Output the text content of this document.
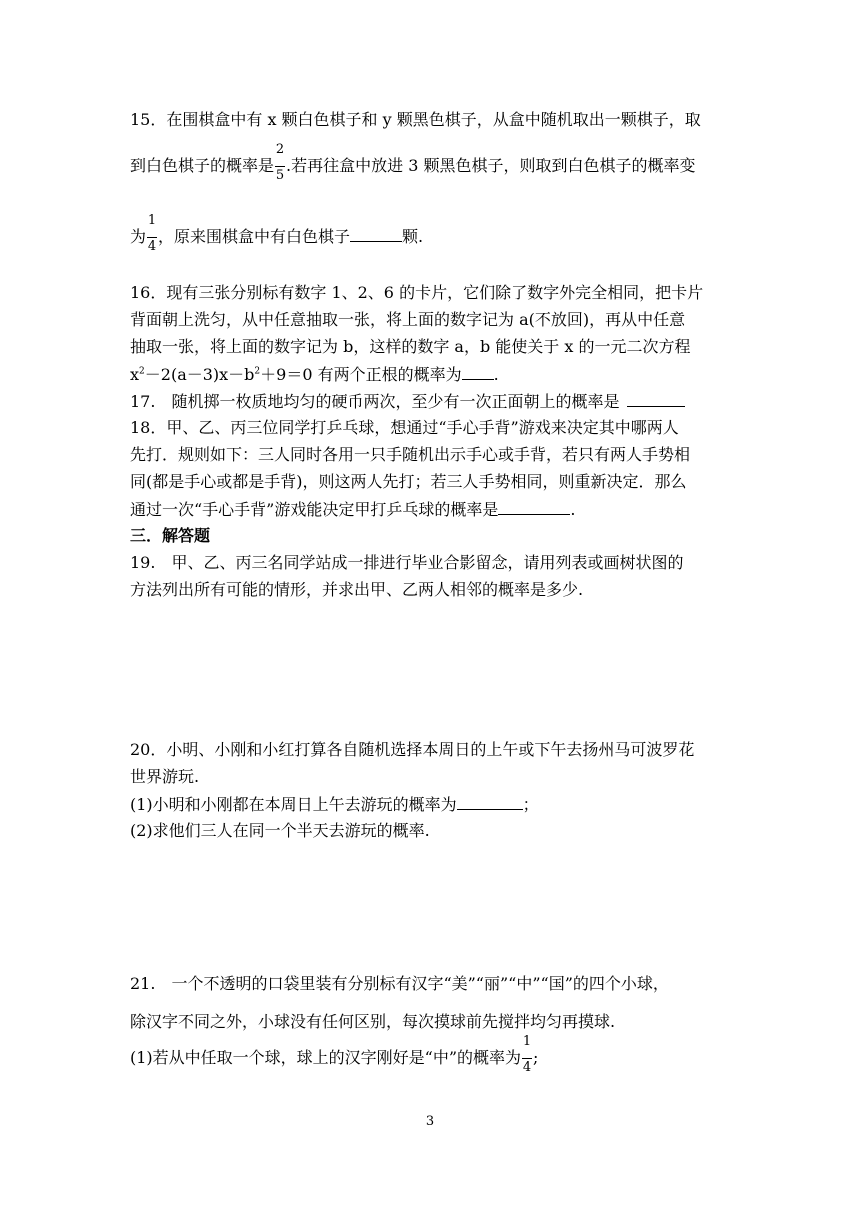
15．在围棋盒中有 x 颗白色棋子和 y 颗黑色棋子，从盒中随机取出一颗棋子，取
到白色棋子的概率是 $\frac{2}{5}$ .若再往盒中放进 3 颗黑色棋子，则取到白色棋子的概率变
为 $\frac{1}{4}$ ，原来围棋盒中有白色棋子	颗.
16．现有三张分别标有数字 1、2、6 的卡片，它们除了数字外完全相同，把卡片
背面朝上洗匀，从中任意抽取一张，将上面的数字记为 a(不放回)，再从中任意
抽取一张，将上面的数字记为 b，这样的数字 a，b 能使关于 x 的一元二次方程
$x^2-2(a-3)x-b^2+9=0$ 有两个正根的概率为 .
17.　随机掷一枚质地均匀的硬币两次，至少有一次正面朝上的概率是
18．甲、乙、丙三位同学打乒乓球，想通过“手心手背”游戏来决定其中哪两人
先打．规则如下：三人同时各用一只手随机出示手心或手背，若只有两人手势相
同(都是手心或都是手背)，则这两人先打；若三人手势相同，则重新决定．那么
通过一次“手心手背”游戏能决定甲打乒乓球的概率是	.
三．解答题
19.　甲、乙、丙三名同学站成一排进行毕业合影留念，请用列表或画树状图的
方法列出所有可能的情形，并求出甲、乙两人相邻的概率是多少.
20．小明、小刚和小红打算各自随机选择本周日的上午或下午去扬州马可波罗花
世界游玩.
(1)小明和小刚都在本周日上午去游玩的概率为	；
(2)求他们三人在同一个半天去游玩的概率.
21.　一个不透明的口袋里装有分别标有汉字“美”“丽”“中”“国”的四个小球，
除汉字不同之外，小球没有任何区别，每次摸球前先搅拌均匀再摸球.
(1)若从中任取一个球，球上的汉字刚好是“中”的概率为 $\frac{1}{4}$ ;
3
